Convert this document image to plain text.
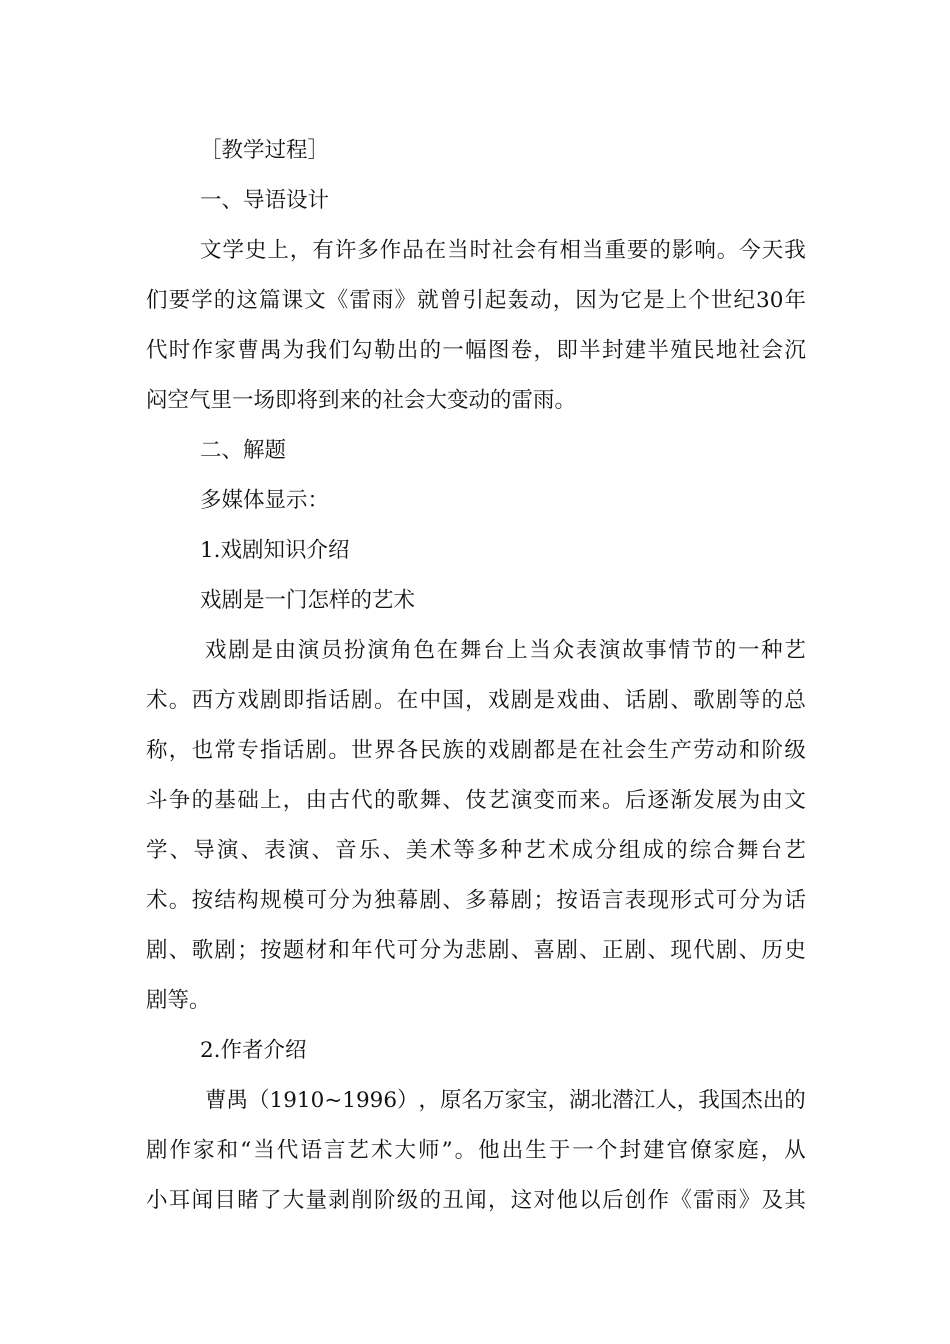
［教学过程］
一、导语设计
文 学 史 上 ， 有 许 多 作 品 在 当 时 社 会 有 相 当 重 要 的 影 响 。 今 天 我
们 要 学 的 这 篇 课 文 《 雷 雨 》 就 曾 引 起 轰 动 ， 因 为 它 是 上 个 世 纪 30 年
代 时 作 家 曹 禺 为 我 们 勾 勒 出 的 一 幅 图 卷 ， 即 半 封 建 半 殖 民 地 社 会 沉
闷空气里一场即将到来的社会大变动的雷雨。
二、解题
多媒体显示：
1.戏剧知识介绍
戏剧是一门怎样的艺术
戏 剧 是 由 演 员 扮 演 角 色 在 舞 台 上 当 众 表 演 故 事 情 节 的 一 种 艺
术 。 西 方 戏 剧 即 指 话 剧 。 在 中 国 ， 戏 剧 是 戏 曲 、 话 剧 、 歌 剧 等 的 总
称 ， 也 常 专 指 话 剧 。 世 界 各 民 族 的 戏 剧 都 是 在 社 会 生 产 劳 动 和 阶 级
斗 争 的 基 础 上 ， 由 古 代 的 歌 舞 、 伎 艺 演 变 而 来 。 后 逐 渐 发 展 为 由 文
学 、 导 演 、 表 演 、 音 乐 、 美 术 等 多 种 艺 术 成 分 组 成 的 综 合 舞 台 艺
术 。 按 结 构 规 模 可 分 为 独 幕 剧 、 多 幕 剧 ； 按 语 言 表 现 形 式 可 分 为 话
剧 、 歌 剧 ； 按 题 材 和 年 代 可 分 为 悲 剧 、 喜 剧 、 正 剧 、 现 代 剧 、 历 史
剧等。
2.作者介绍
曹 禺 （ 1910~1996 ） ， 原 名 万 家 宝 ， 湖 北 潜 江 人 ， 我 国 杰 出 的
剧 作 家 和 “ 当 代 语 言 艺 术 大 师 ” 。 他 出 生 于 一 个 封 建 官 僚 家 庭 ， 从
小 耳 闻 目 睹 了 大 量 剥 削 阶 级 的 丑 闻 ， 这 对 他 以 后 创 作 《 雷 雨 》 及 其
